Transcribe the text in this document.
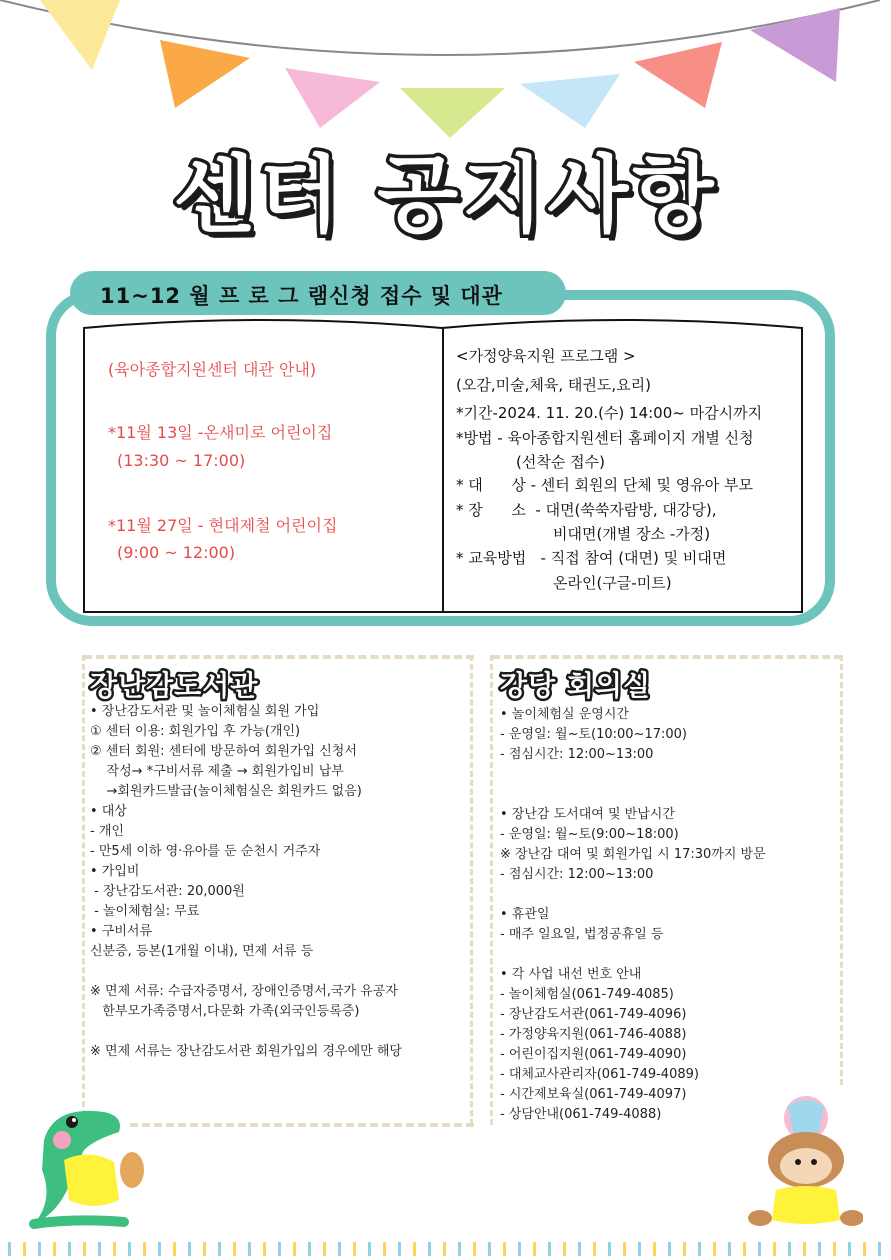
센터 공지사항
11~12 월 프 로 그 램신청 접수 및 대관
(육아종합지원센터 대관 안내)
*11월 13일 -온새미로 어린이집
(13:30 ~ 17:00)
*11월 27일 - 현대제철 어린이집
(9:00 ~ 12:00)
<가정양육지원 프로그램 >
(오감,미술,체육, 태권도,요리)
*기간-2024. 11. 20.(수) 14:00~ 마감시까지
*방법 - 육아종합지원센터 홈페이지 개별 신청
(선착순 접수)
* 대      상 - 센터 회원의 단체 및 영유아 부모
* 장      소  - 대면(쑥쑥자람방, 대강당),
비대면(개별 장소 -가정)
* 교육방법   - 직접 참여 (대면) 및 비대면
온라인(구글-미트)
장난감도서관
• 장난감도서관 및 놀이체험실 회원 가입
① 센터 이용: 회원가입 후 가능(개인)
② 센터 회원: 센터에 방문하여 회원가입 신청서
작성→ *구비서류 제출 → 회원가입비 납부
→회원카드발급(놀이체험실은 회원카드 없음)
• 대상
- 개인
- 만5세 이하 영·유아를 둔 순천시 거주자
• 가입비
- 장난감도서관: 20,000원
- 놀이체험실: 무료
• 구비서류
신분증, 등본(1개월 이내), 면제 서류 등
※ 면제 서류: 수급자증명서, 장애인증명서,국가 유공자
한부모가족증명서,다문화 가족(외국인등록증)
※ 면제 서류는 장난감도서관 회원가입의 경우에만 해당
강당 회의실
• 놀이체험실 운영시간
- 운영일: 월~토(10:00~17:00)
- 점심시간: 12:00~13:00
• 장난감 도서대여 및 반납시간
- 운영일: 월~토(9:00~18:00)
※ 장난감 대여 및 회원가입 시 17:30까지 방문
- 점심시간: 12:00~13:00
• 휴관일
- 매주 일요일, 법정공휴일 등
• 각 사업 내선 번호 안내
- 놀이체험실(061-749-4085)
- 장난감도서관(061-749-4096)
- 가정양육지원(061-746-4088)
- 어린이집지원(061-749-4090)
- 대체교사관리자(061-749-4089)
- 시간제보육실(061-749-4097)
- 상담안내(061-749-4088)
